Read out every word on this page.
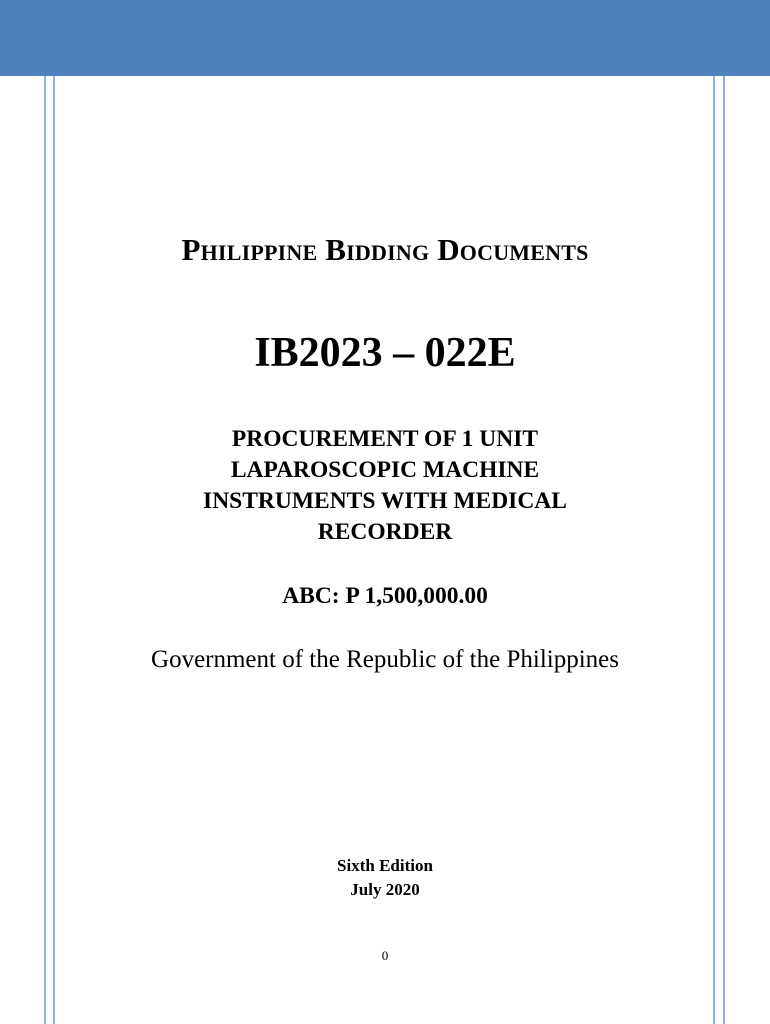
Philippine Bidding Documents
IB2023 – 022E
PROCUREMENT OF 1 UNIT
LAPAROSCOPIC MACHINE
INSTRUMENTS WITH MEDICAL
RECORDER
ABC: P 1,500,000.00
Government of the Republic of the Philippines
Sixth Edition
July 2020
0
